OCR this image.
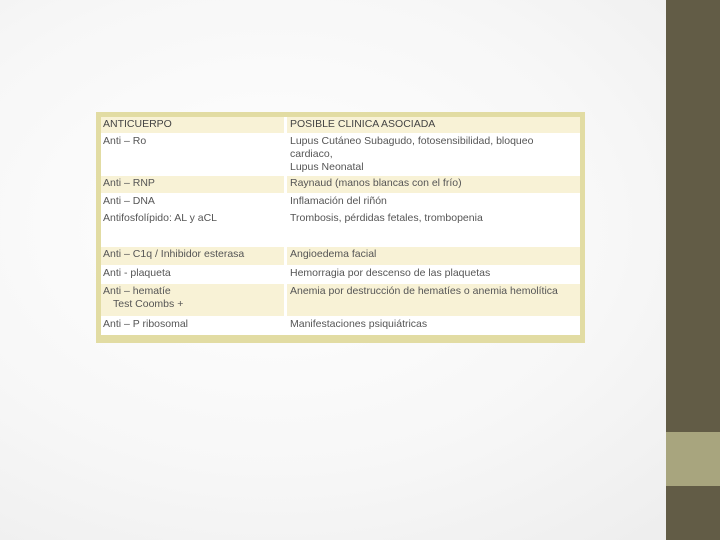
ANTICUERPO	POSIBLE CLINICA ASOCIADA
Anti – Ro	Lupus Cutáneo Subagudo, fotosensibilidad, bloqueo cardiaco,
Lupus Neonatal
Anti – RNP	Raynaud (manos blancas con el frío)
Anti – DNA	Inflamación del riñón
Antifosfolípido: AL y aCL	Trombosis, pérdidas fetales, trombopenia
Anti – C1q / Inhibidor esterasa	Angioedema facial
Anti - plaqueta	Hemorragia por descenso de las plaquetas
Anti – hematíe
Test Coombs +	Anemia por destrucción de hematíes o anemia hemolítica
Anti – P ribosomal	Manifestaciones psiquiátricas
